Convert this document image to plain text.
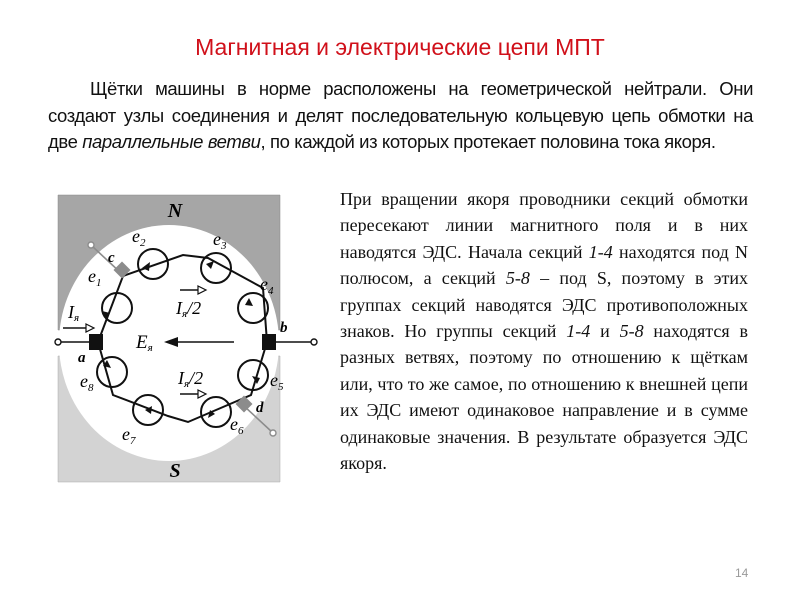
Магнитная и электрические цепи МПТ
Щётки машины в норме расположены на геометрической нейтрали. Они создают узлы соединения и делят последовательную кольцевую цепь обмотки на две параллельные ветви, по каждой из которых протекает половина тока якоря.
При вращении якоря проводники секций обмотки пересекают линии магнитного поля и в них наводятся ЭДС. Начала секций 1-4 находятся под N полюсом, а секций 5-8 – под S, поэтому в этих группах секций наводятся ЭДС противоположных знаков. Но группы секций 1-4 и 5-8 находятся в разных ветвях, поэтому по отношению к щёткам или, что то же самое, по отношению к внешней цепи их ЭДС имеют одинаковое направление и в сумме одинаковые значения. В результате образуется ЭДС якоря.
N
S
a
b
c
d
Iя
Eя
Iя/2
Iя/2
$e_1$
$e_2$	$e_3$
$e_4$
$e_5$
$e_6$
$e_7$
$e_8$
14
